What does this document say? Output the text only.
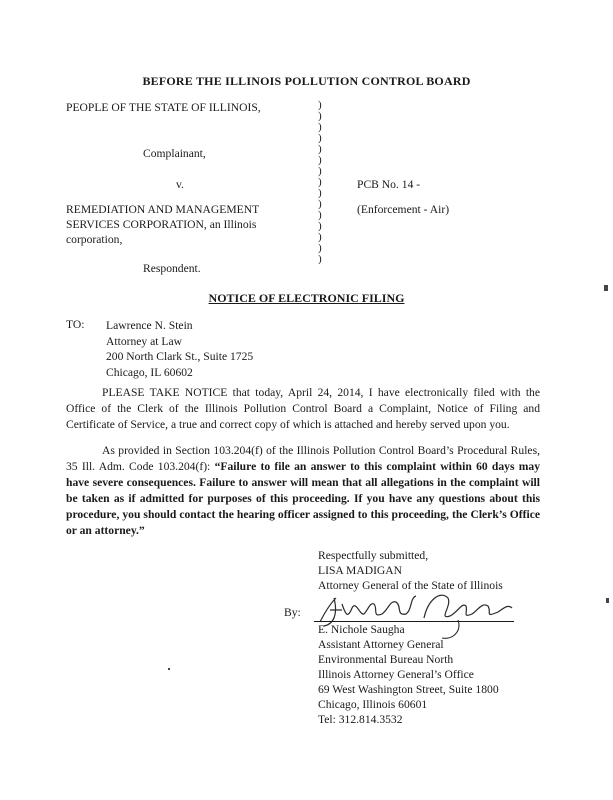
BEFORE THE ILLINOIS POLLUTION CONTROL BOARD
PEOPLE OF THE STATE OF ILLINOIS,
Complainant,
v.
REMEDIATION AND MANAGEMENT
SERVICES CORPORATION, an Illinois
corporation,
Respondent.
PCB No. 14 -
(Enforcement - Air)
)
)
)
)
)
)
)
)
)
)
)
)
)
)
)
NOTICE OF ELECTRONIC FILING
TO: Lawrence N. Stein
Attorney at Law
200 North Clark St., Suite 1725
Chicago, IL 60602
PLEASE TAKE NOTICE that today, April 24, 2014, I have electronically filed with the Office of the Clerk of the Illinois Pollution Control Board a Complaint, Notice of Filing and Certificate of Service, a true and correct copy of which is attached and hereby served upon you.
As provided in Section 103.204(f) of the Illinois Pollution Control Board’s Procedural Rules, 35 Ill. Adm. Code 103.204(f): “Failure to file an answer to this complaint within 60 days may have severe consequences. Failure to answer will mean that all allegations in the complaint will be taken as if admitted for purposes of this proceeding. If you have any questions about this procedure, you should contact the hearing officer assigned to this proceeding, the Clerk’s Office or an attorney.”
Respectfully submitted,
LISA MADIGAN
Attorney General of the State of Illinois
By:
E. Nichole Saugha
Assistant Attorney General
Environmental Bureau North
Illinois Attorney General’s Office
69 West Washington Street, Suite 1800
Chicago, Illinois 60601
Tel: 312.814.3532
